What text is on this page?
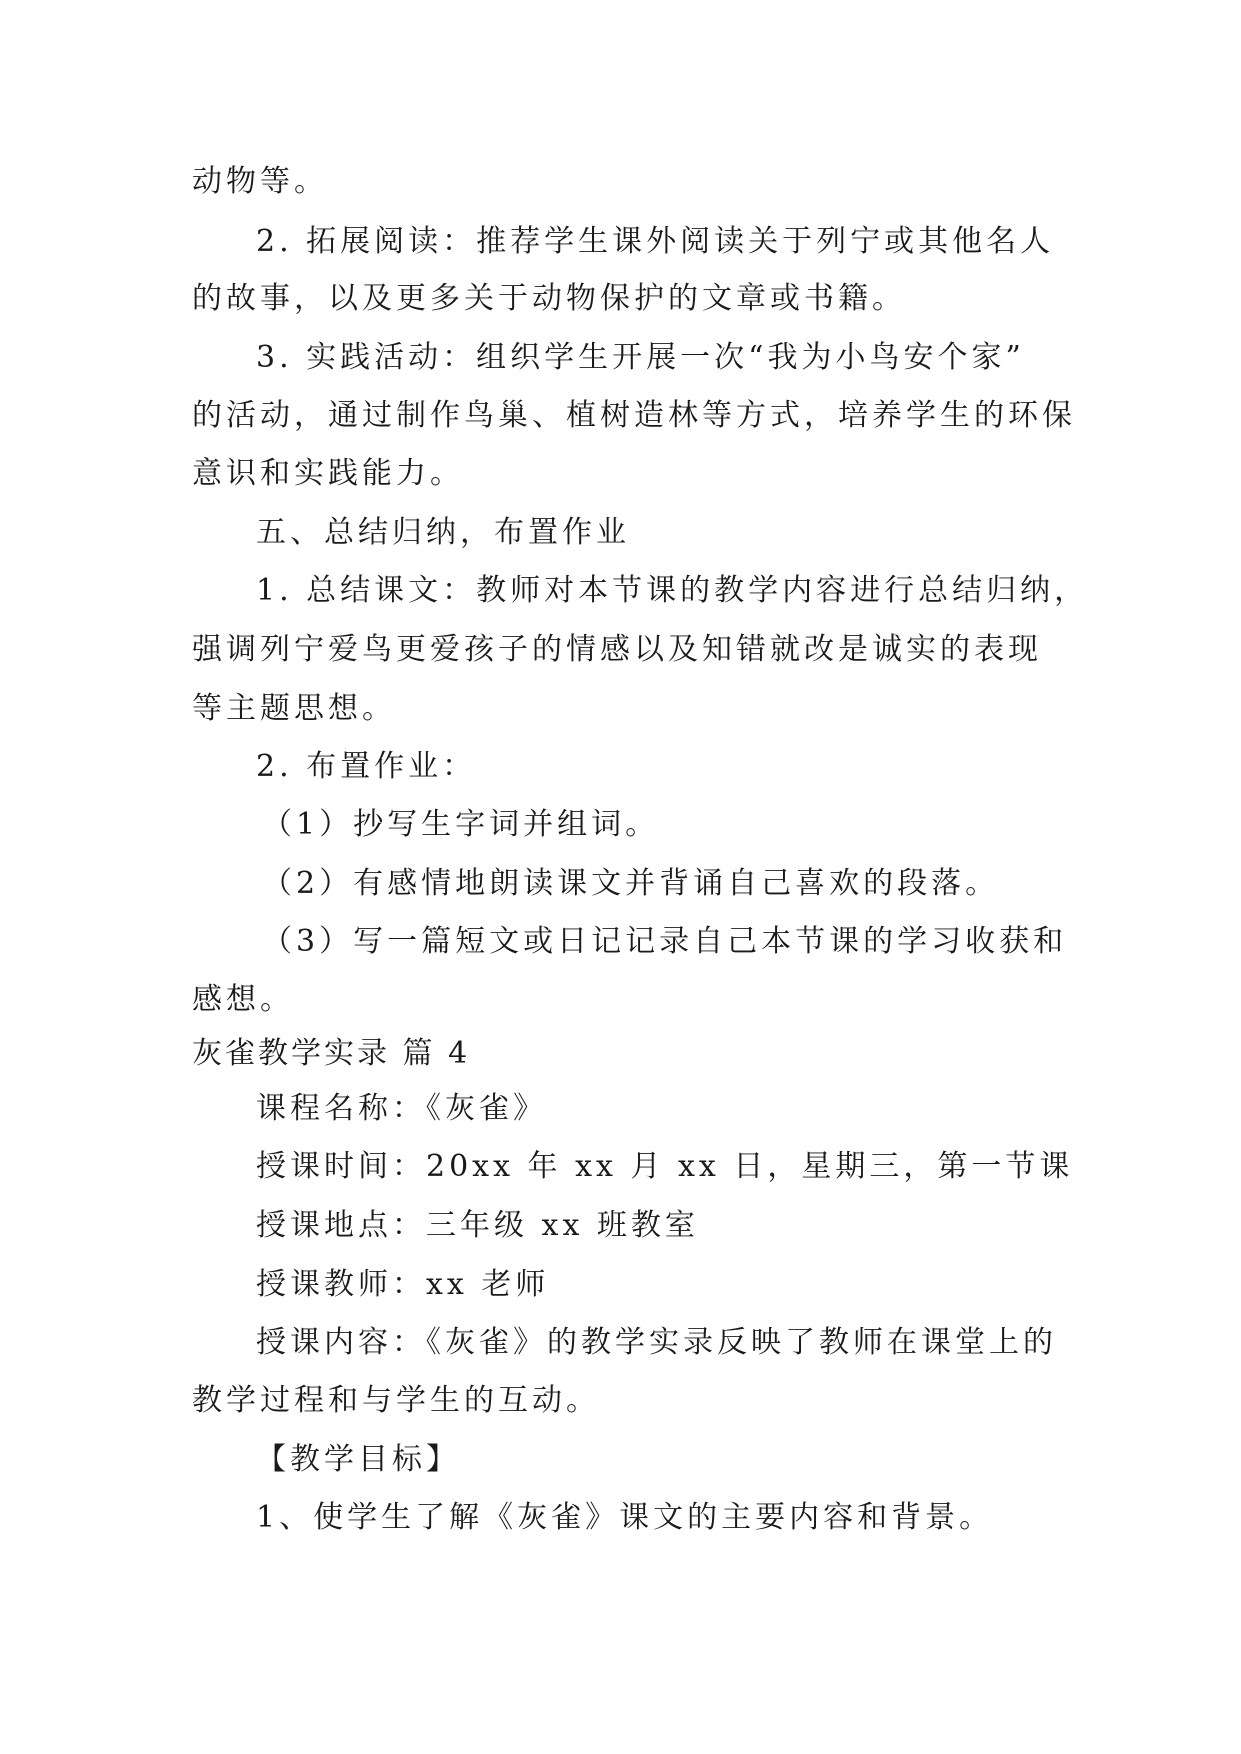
动物等。
2. 拓展阅读：推荐学生课外阅读关于列宁或其他名人
的故事，以及更多关于动物保护的文章或书籍。
3. 实践活动：组织学生开展一次“我为小鸟安个家”
的活动，通过制作鸟巢、植树造林等方式，培养学生的环保
意识和实践能力。
五、总结归纳，布置作业
1. 总结课文：教师对本节课的教学内容进行总结归纳，
强调列宁爱鸟更爱孩子的情感以及知错就改是诚实的表现
等主题思想。
2. 布置作业：
（1）抄写生字词并组词。
（2）有感情地朗读课文并背诵自己喜欢的段落。
（3）写一篇短文或日记记录自己本节课的学习收获和
感想。
灰雀教学实录 篇 4
课程名称：《灰雀》
授课时间：20xx 年 xx 月 xx 日，星期三，第一节课
授课地点：三年级 xx 班教室
授课教师：xx 老师
授课内容：《灰雀》的教学实录反映了教师在课堂上的
教学过程和与学生的互动。
【教学目标】
1、使学生了解《灰雀》课文的主要内容和背景。
